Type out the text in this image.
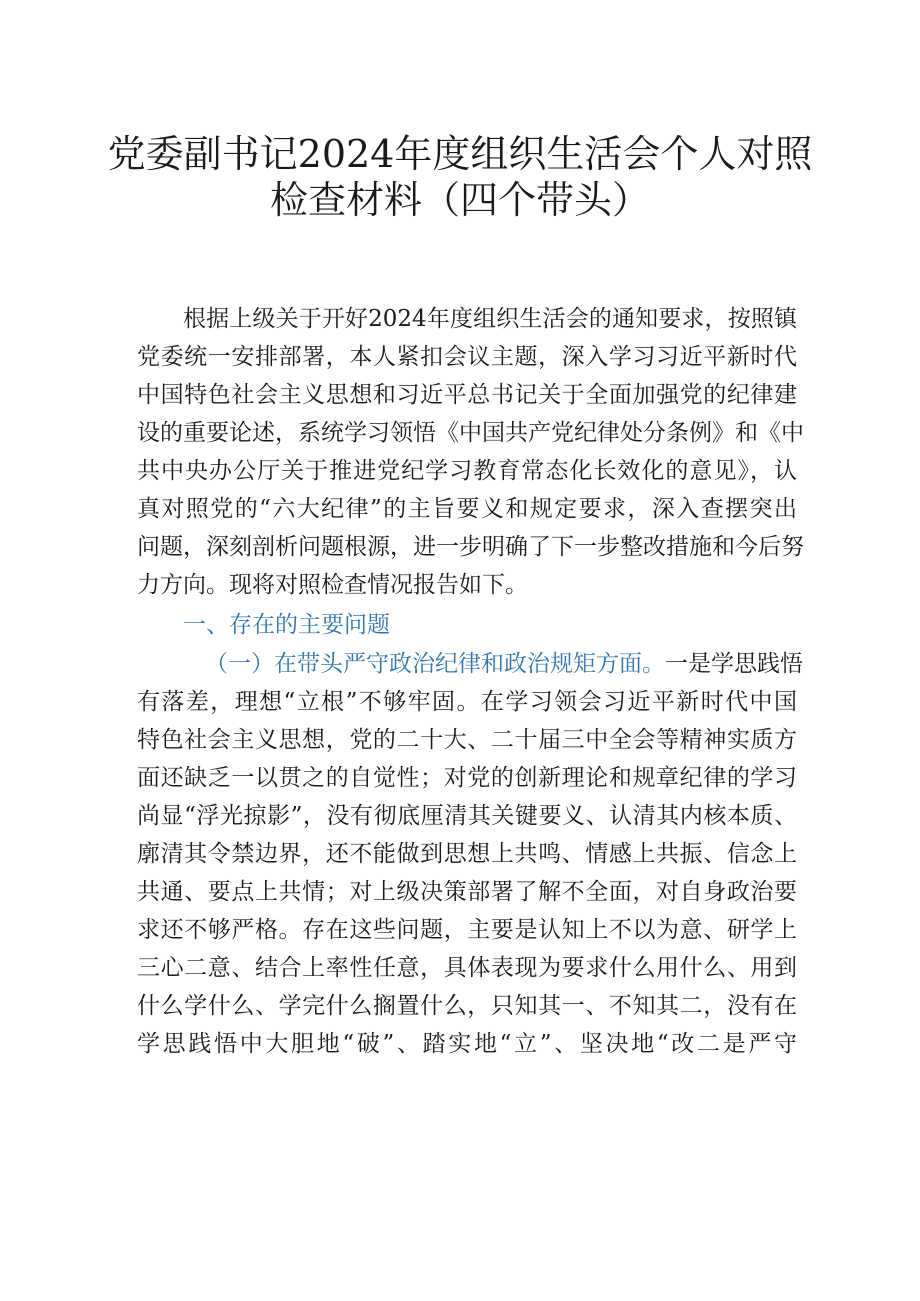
党委副书记2024年度组织生活会个人对照
检查材料（四个带头）
根据上级关于开好2024年度组织生活会的通知要求，按照镇
党委统一安排部署，本人紧扣会议主题，深入学习习近平新时代
中国特色社会主义思想和习近平总书记关于全面加强党的纪律建
设的重要论述，系统学习领悟《中国共产党纪律处分条例》和《中
共中央办公厅关于推进党纪学习教育常态化长效化的意见》，认
真对照党的“六大纪律”的主旨要义和规定要求，深入查摆突出
问题，深刻剖析问题根源，进一步明确了下一步整改措施和今后努
力方向。现将对照检查情况报告如下。
一、存在的主要问题
（一）在带头严守政治纪律和政治规矩方面。一是学思践悟
有落差，理想“立根”不够牢固。在学习领会习近平新时代中国
特色社会主义思想，党的二十大、二十届三中全会等精神实质方
面还缺乏一以贯之的自觉性；对党的创新理论和规章纪律的学习
尚显“浮光掠影”，没有彻底厘清其关键要义、认清其内核本质、
廓清其令禁边界，还不能做到思想上共鸣、情感上共振、信念上
共通、要点上共情；对上级决策部署了解不全面，对自身政治要
求还不够严格。存在这些问题，主要是认知上不以为意、研学上
三心二意、结合上率性任意，具体表现为要求什么用什么、用到
什么学什么、学完什么搁置什么，只知其一、不知其二，没有在
学思践悟中大胆地“破”、踏实地“立”、坚决地“改二是严守
